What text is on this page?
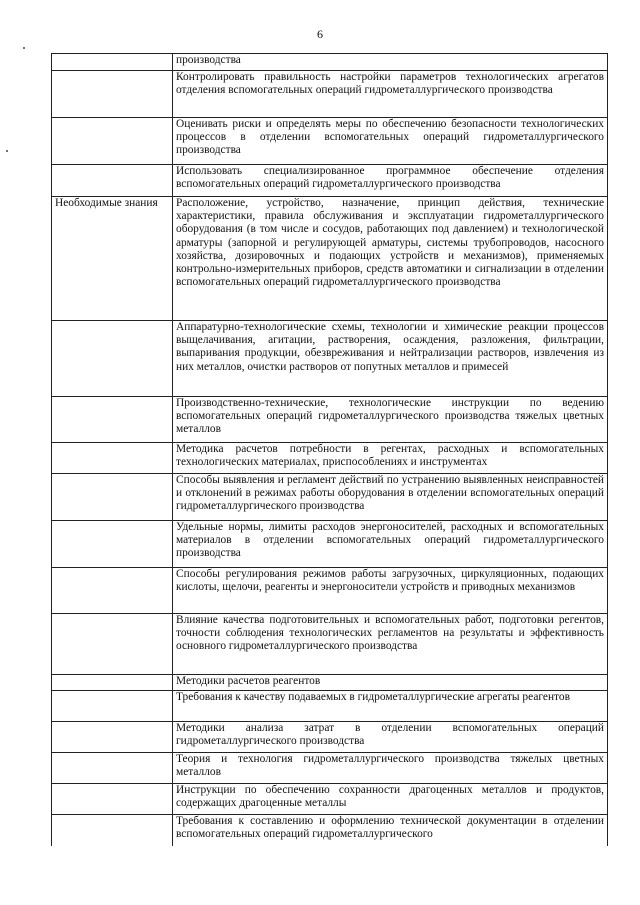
6
	производства
	Контролировать правильность настройки параметров технологических агрегатов отделения вспомогательных операций гидрометаллургического производства
	Оценивать риски и определять меры по обеспечению безопасности технологических процессов в отделении вспомогательных операций гидрометаллургического производства
	Использовать специализированное программное обеспечение отделения вспомогательных операций гидрометаллургического производства
Необходимые знания	Расположение, устройство, назначение, принцип действия, технические характеристики, правила обслуживания и эксплуатации гидрометаллургического оборудования (в том числе и сосудов, работающих под давлением) и технологической арматуры (запорной и регулирующей арматуры, системы трубопроводов, насосного хозяйства, дозировочных и подающих устройств и механизмов), применяемых контрольно-измерительных приборов, средств автоматики и сигнализации в отделении вспомогательных операций гидрометаллургического производства
	Аппаратурно-технологические схемы, технологии и химические реакции процессов выщелачивания, агитации, растворения, осаждения, разложения, фильтрации, выпаривания продукции, обезвреживания и нейтрализации растворов, извлечения из них металлов, очистки растворов от попутных металлов и примесей
	Производственно-технические, технологические инструкции по ведению вспомогательных операций гидрометаллургического производства тяжелых цветных металлов
	Методика расчетов потребности в регентах, расходных и вспомогательных технологических материалах, приспособлениях и инструментах
	Способы выявления и регламент действий по устранению выявленных неисправностей и отклонений в режимах работы оборудования в отделении вспомогательных операций гидрометаллургического производства
	Удельные нормы, лимиты расходов энергоносителей, расходных и вспомогательных материалов в отделении вспомогательных операций гидрометаллургического производства
	Способы регулирования режимов работы загрузочных, циркуляционных, подающих кислоты, щелочи, реагенты и энергоносители устройств и приводных механизмов
	Влияние качества подготовительных и вспомогательных работ, подготовки регентов, точности соблюдения технологических регламентов на результаты и эффективность основного гидрометаллургического производства
	Методики расчетов реагентов
	Требования к качеству подаваемых в гидрометаллургические агрегаты реагентов
	Методики анализа затрат в отделении вспомогательных операций гидрометаллургического производства
	Теория и технология гидрометаллургического производства тяжелых цветных металлов
	Инструкции по обеспечению сохранности драгоценных металлов и продуктов, содержащих драгоценные металлы
	Требования к составлению и оформлению технической документации в отделении вспомогательных операций гидрометаллургического
